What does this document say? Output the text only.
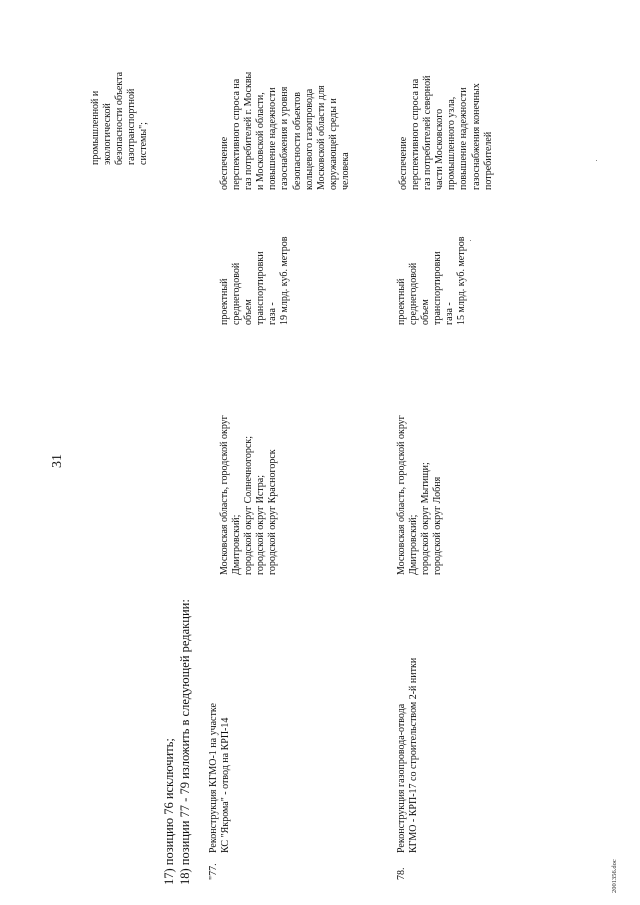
31
промышленной и экологической безопасности объекта газотранспортной системы";
17) позицию 76 исключить; 18) позиции 77 - 79 изложить в следующей редакции: "77.
Реконструкция КГМО-1 на участке КС "Якрома" - отвод на КРП-14
Московская область, городской округ Дмитровский; городской округ Солнечногорск; городской округ Истра; городской округ Красногорск
проектный среднегодовой объем транспортировки газа - 19 млрд. куб. метров
обеспечение перспективного спроса на газ потребителей г. Москвы и Московской области, повышение надежности газоснабжения и уровня безопасности объектов кольцевого газопровода Московской области для окружающей среды и человека
78.
Реконструкция газопровода-отвода КГМО - КРП-17 со строительством 2-й нитки
Московская область, городской округ Дмитровский; городской округ Мытищи; городской округ Лобня
проектный среднегодовой объем транспортировки газа - 15 млрд. куб. метров
обеспечение перспективного спроса на газ потребителей северной части Московского промышленного узла, повышение надежности газоснабжения конечных потребителей
2001356.doc
